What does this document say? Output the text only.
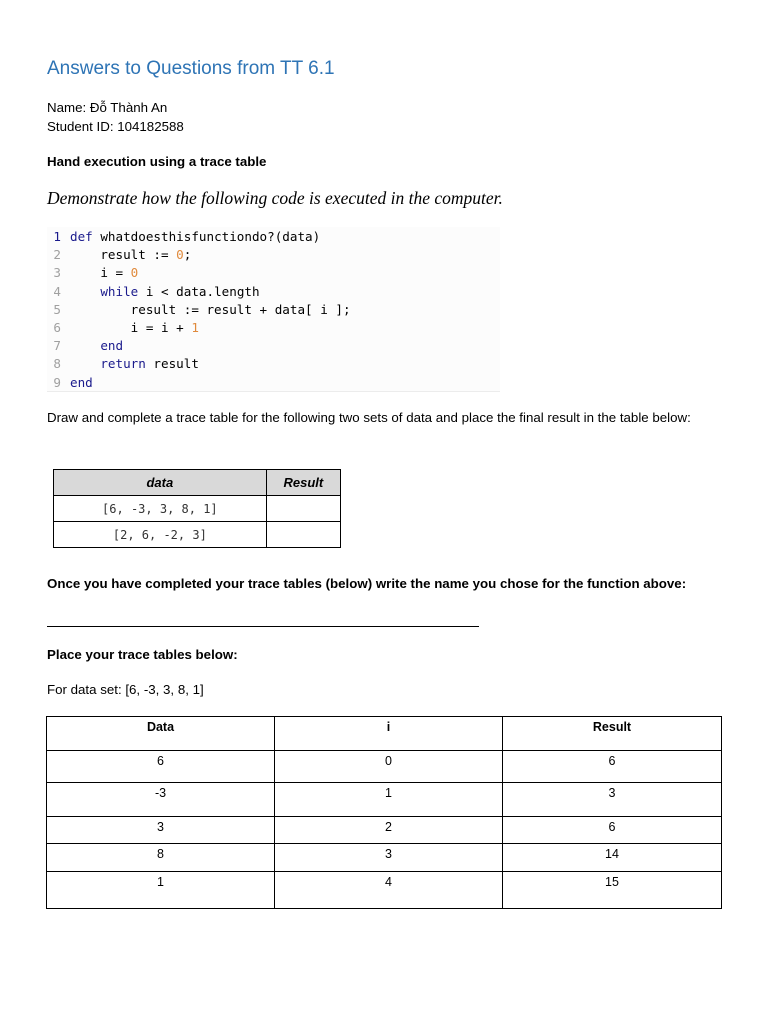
Answers to Questions from TT 6.1
Name: Đỗ Thành An
Student ID: 104182588
Hand execution using a trace table
Demonstrate how the following code is executed in the computer.
1 def whatdoesthisfunctiondo?(data)
2    result := 0;
3    i = 0
4	while i < data.length
5        result := result + data[ i ];
6        i = i + 1
7	end
8	return result
9 end
Draw and complete a trace table for the following two sets of data and place the final result in the table below:
data	Result
[6, -3, 3, 8, 1]	
[2, 6, -2, 3]	
Once you have completed your trace tables (below) write the name you chose for the function above:
Place your trace tables below:
For data set: [6, -3, 3, 8, 1]
Data	i	Result
6	0	6
-3	1	3
3	2	6
8	3	14
1	4	15
